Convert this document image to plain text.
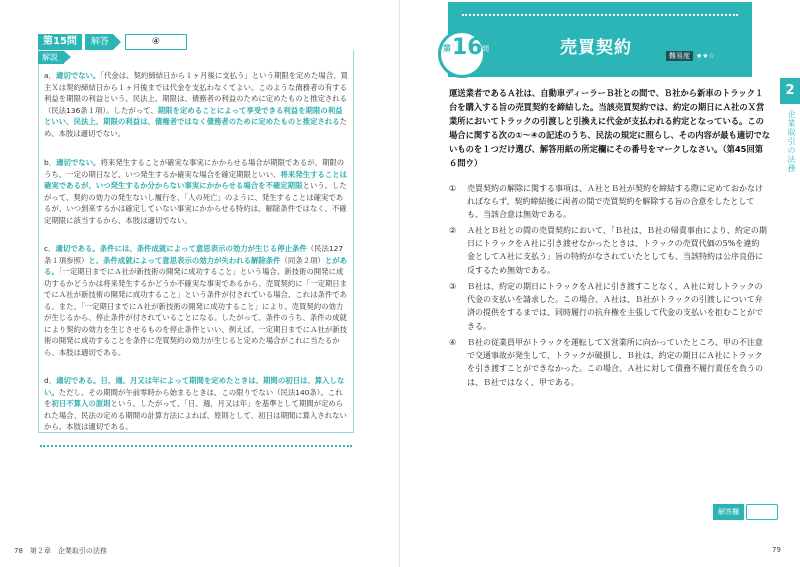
第15問	解答	④
解説
a．適切でない。「代金は、契約締結日から１ヶ月後に支払う」という期限を定めた場合、買主Ｘは契約締結日から１ヶ月後までは代金を支払わなくてよい。このような債務者の有する利益を期限の利益という。民法上、期限は、債務者の利益のために定めたものと推定される（民法136条１項）。したがって、期限を定めることによって享受できる利益を期限の利益といい、民法上、期限の利益は、債権者ではなく債務者のために定めたものと推定されるため、本肢は適切でない。
b．適切でない。将来発生することが確実な事実にかからせる場合が期限であるが、期限のうち、一定の期日など、いつ発生するか確実な場合を確定期限といい、将来発生することは確実であるが、いつ発生するか分からない事実にかからせる場合を不確定期限という。したがって、契約の効力の発生ないし履行を、「人の死亡」のように、発生することは確実であるが、いつ到来するかは確定していない事実にかからせる特約は、解除条件ではなく、不確定期限に該当するから、本肢は適切でない。
c．適切である。条件には、条件成就によって意思表示の効力が生じる停止条件（民法127条１項参照）と、条件成就によって意思表示の効力が失われる解除条件（同条２項）とがある。「一定期日までにＡ社が新技術の開発に成功すること」という場合、新技術の開発に成功するかどうかは将来発生するかどうか不確実な事実であるから、売買契約に「一定期日までにＡ社が新技術の開発に成功すること」という条件が付されている場合、これは条件である。また、「一定期日までにＡ社が新技術の開発に成功すること」により、売買契約の効力が生じるから、停止条件が付されていることになる。したがって、条件のうち、条件の成就により契約の効力を生じさせるものを停止条件といい、例えば、一定期日までにＡ社が新技術の開発に成功することを条件に売買契約の効力が生じると定めた場合がこれに当たるから、本肢は適切である。
d．適切である。日、週、月又は年によって期間を定めたときは、期間の初日は、算入しない。ただし、その期間が午前零時から始まるときは、この限りでない（民法140条）。これを初日不算入の原則という。したがって、「日、週、月又は年」を基準として期間が定められた場合、民法の定める期間の計算方法によれば、原則として、初日は期間に算入されないから、本肢は適切である。
78　第２章　企業取引の法務
第 16 問	売買契約	難易度 ★★☆
2
企業取引の法務
運送業者であるＡ社は、自動車ディーラーＢ社との間で、Ｂ社から新車のトラック１台を購入する旨の売買契約を締結した。当該売買契約では、約定の期日にＡ社のＸ営業所においてトラックの引渡しと引換えに代金が支払われる約定となっている。この場合に関する次の①～④の記述のうち、民法の規定に照らし、その内容が最も適切でないものを１つだけ選び、解答用紙の所定欄にその番号をマークしなさい。（第45回第６問ウ）
①	売買契約の解除に関する事項は、Ａ社とＢ社が契約を締結する際に定めておかなければならず、契約締結後に両者の間で売買契約を解除する旨の合意をしたとしても、当該合意は無効である。
②	Ａ社とＢ社との間の売買契約において、「Ｂ社は、Ｂ社の帰責事由により、約定の期日にトラックをＡ社に引き渡せなかったときは、トラックの売買代価の5%を違約金としてＡ社に支払う」旨の特約がなされていたとしても、当該特約は公序良俗に反するため無効である。
③	Ｂ社は、約定の期日にトラックをＡ社に引き渡すことなく、Ａ社に対しトラックの代金の支払いを請求した。この場合、Ａ社は、Ｂ社がトラックの引渡しについて弁済の提供をするまでは、同時履行の抗弁権を主張して代金の支払いを拒むことができる。
④	Ｂ社の従業員甲がトラックを運転してＸ営業所に向かっていたところ、甲の不注意で交通事故が発生して、トラックが破損し、Ｂ社は、約定の期日にＡ社にトラックを引き渡すことができなかった。この場合、Ａ社に対して債務不履行責任を負うのは、Ｂ社ではなく、甲である。
解答欄
79
